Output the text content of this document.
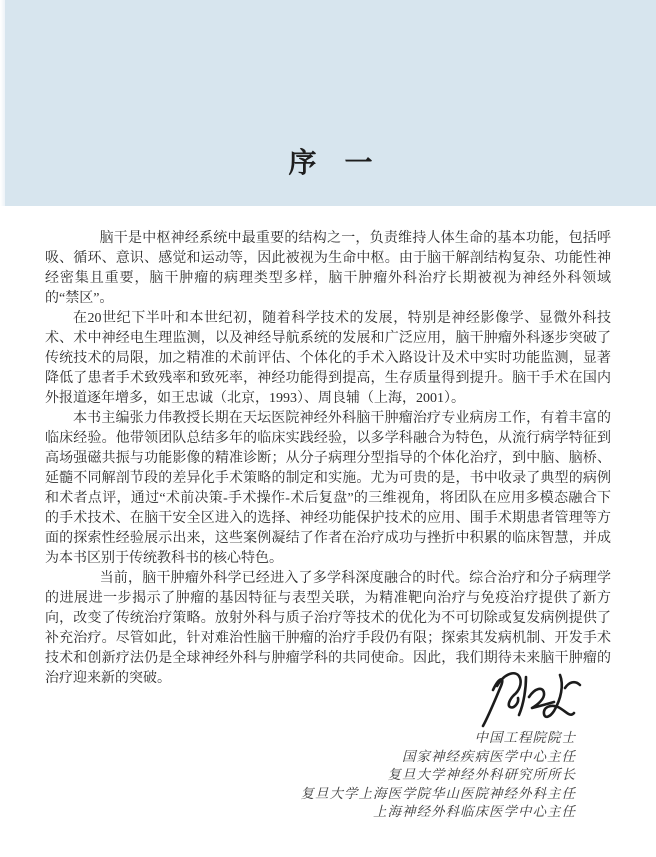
序　一

脑干是中枢神经系统中最重要的结构之一，负责维持人体生命的基本功能，包括呼吸、循环、意识、感觉和运动等，因此被视为生命中枢。由于脑干解剖结构复杂、功能性神经密集且重要，脑干肿瘤的病理类型多样，脑干肿瘤外科治疗长期被视为神经外科领域的“禁区”。

在20世纪下半叶和本世纪初，随着科学技术的发展，特别是神经影像学、显微外科技术、术中神经电生理监测，以及神经导航系统的发展和广泛应用，脑干肿瘤外科逐步突破了传统技术的局限，加之精准的术前评估、个体化的手术入路设计及术中实时功能监测，显著降低了患者手术致残率和致死率，神经功能得到提高，生存质量得到提升。脑干手术在国内外报道逐年增多，如王忠诚（北京，1993）、周良辅（上海，2001）。

本书主编张力伟教授长期在天坛医院神经外科脑干肿瘤治疗专业病房工作，有着丰富的临床经验。他带领团队总结多年的临床实践经验，以多学科融合为特色，从流行病学特征到高场强磁共振与功能影像的精准诊断；从分子病理分型指导的个体化治疗，到中脑、脑桥、延髓不同解剖节段的差异化手术策略的制定和实施。尤为可贵的是，书中收录了典型的病例和术者点评，通过“术前决策-手术操作-术后复盘”的三维视角，将团队在应用多模态融合下的手术技术、在脑干安全区进入的选择、神经功能保护技术的应用、围手术期患者管理等方面的探索性经验展示出来，这些案例凝结了作者在治疗成功与挫折中积累的临床智慧，并成为本书区别于传统教科书的核心特色。

当前，脑干肿瘤外科学已经进入了多学科深度融合的时代。综合治疗和分子病理学的进展进一步揭示了肿瘤的基因特征与表型关联，为精准靶向治疗与免疫治疗提供了新方向，改变了传统治疗策略。放射外科与质子治疗等技术的优化为不可切除或复发病例提供了补充治疗。尽管如此，针对难治性脑干肿瘤的治疗手段仍有限；探索其发病机制、开发手术技术和创新疗法仍是全球神经外科与肿瘤学科的共同使命。因此，我们期待未来脑干肿瘤的治疗迎来新的突破。

中国工程院院士
国家神经疾病医学中心主任
复旦大学神经外科研究所所长
复旦大学上海医学院华山医院神经外科主任
上海神经外科临床医学中心主任
